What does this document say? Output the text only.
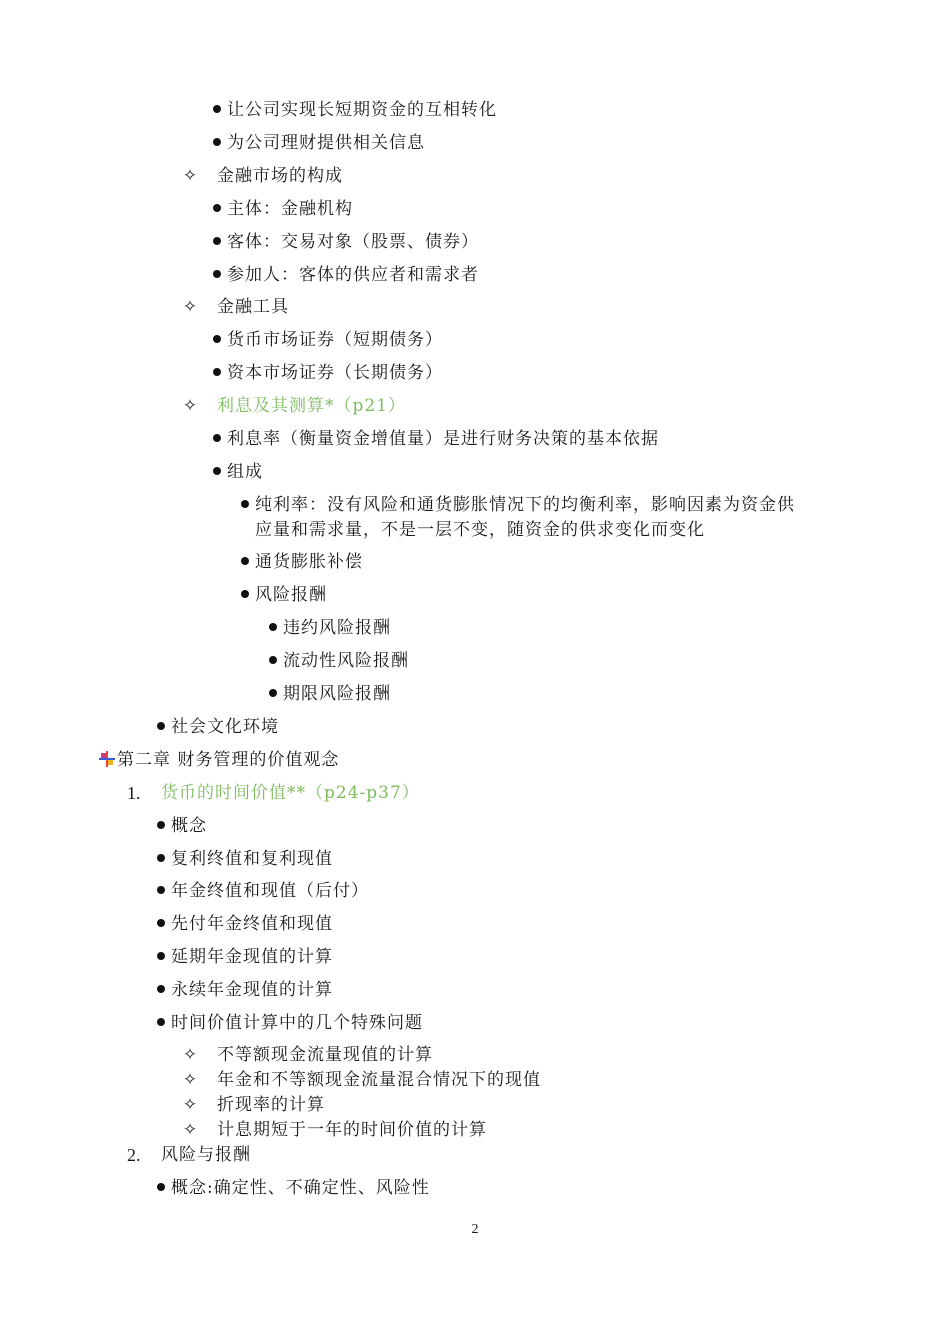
让公司实现长短期资金的互相转化
为公司理财提供相关信息
✧ 金融市场的构成
主体：金融机构
客体：交易对象（股票、债券）
参加人：客体的供应者和需求者
✧ 金融工具
货币市场证券（短期债务）
资本市场证券（长期债务）
✧ 利息及其测算*（p21）
利息率（衡量资金增值量）是进行财务决策的基本依据
组成
纯利率：没有风险和通货膨胀情况下的均衡利率，影响因素为资金供
应量和需求量，不是一层不变，随资金的供求变化而变化
通货膨胀补偿
风险报酬
违约风险报酬
流动性风险报酬
期限风险报酬
社会文化环境
第二章 财务管理的价值观念
1. 货币的时间价值**（p24-p37）
概念
复利终值和复利现值
年金终值和现值（后付）
先付年金终值和现值
延期年金现值的计算
永续年金现值的计算
时间价值计算中的几个特殊问题
✧ 不等额现金流量现值的计算
✧ 年金和不等额现金流量混合情况下的现值
✧ 折现率的计算
✧ 计息期短于一年的时间价值的计算
2. 风险与报酬
概念:确定性、不确定性、风险性
2
